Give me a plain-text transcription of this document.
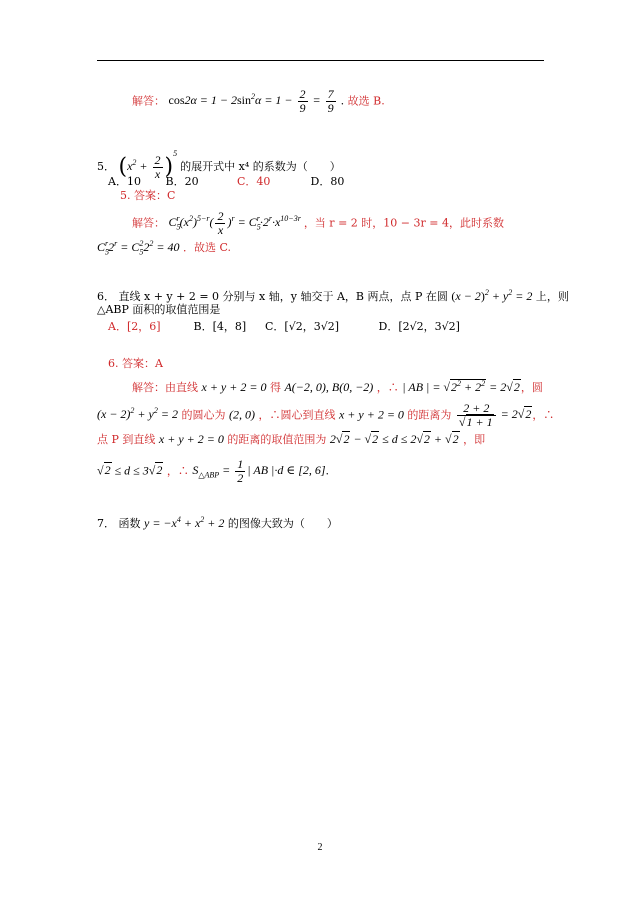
解答： $\cos 2\alpha = 1 - 2\sin^2\alpha = 1 - \frac{2}{9} = \frac{7}{9}$ . 故选 B.
5． $(x^2 + \frac{2}{x} )^5$ 的展开式中 x⁴ 的系数为（　　）
A．10 B．20	C．40	D．80
5. 答案：C
解答： $C_5^r(x^2)^{5-r}( \frac{2}{x} )^r = C_5^r\cdot 2^r\cdot x^{10-3r}$ ，当 r = 2 时，10 − 3r = 4，此时系数
$C_5^r2^r = C_5^22^2 = 40$ ．故选 C.
6． 直线 x + y + 2 = 0 分别与 x 轴，y 轴交于 A，B 两点，点 P 在圆 $(x - 2)^2 + y^2 = 2$ 上，则
△ABP 面积的取值范围是
A．[2，6]	B．[4，8] C．[√2，3√2]	D．[2√2，3√2]
6. 答案：A
解答：由直线 x + y + 2 = 0 得 A(−2, 0), B(0, −2) ，∴ | AB | = $√2^2 + 2^2 = 2√2$，圆
$(x - 2)^2 + y^2 = 2$ 的圆心为 (2, 0) ，∴圆心到直线 x + y + 2 = 0 的距离为 $\frac{2 + 2}{√1 + 1} = 2√2$，∴
点 P 到直线 x + y + 2 = 0 的距离的取值范围为 2√2 − √2 ≤ d ≤ 2√2 + √2 ，即
√2 ≤ d ≤ 3√2 ，∴ $S_{\triangle ABP} = \frac{1}{2}$ | AB |·d ∈ [2, 6].
7． 函数 $y = -x^4 + x^2 + 2$ 的图像大致为（　　）
2
